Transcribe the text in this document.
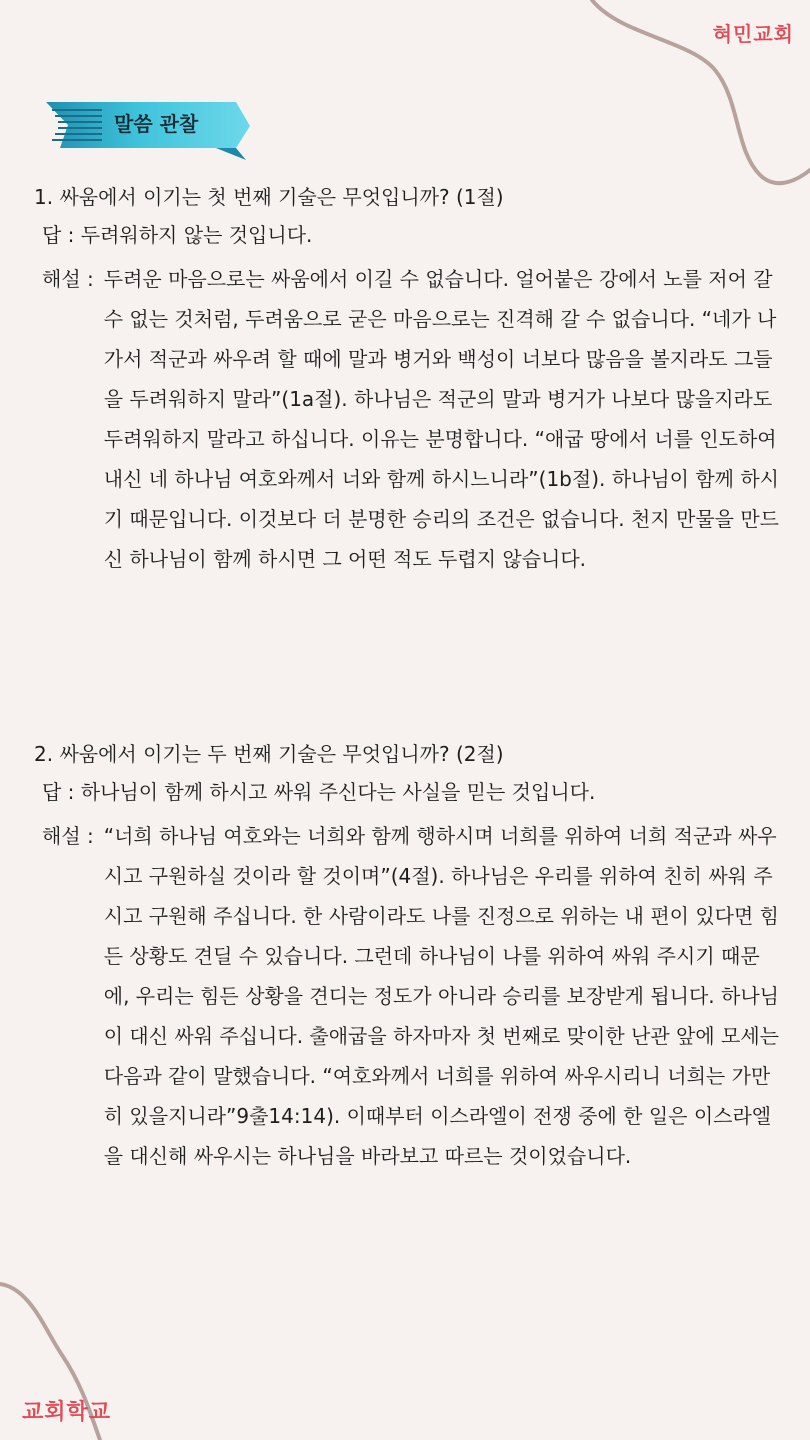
혀민교회
말씀 관찰
1. 싸움에서 이기는 첫 번째 기술은 무엇입니까? (1절)
답 : 두려워하지 않는 것입니다.
해설 : 두려운 마음으로는 싸움에서 이길 수 없습니다. 얼어붙은 강에서 노를 저어 갈 수 없는 것처럼, 두려움으로 굳은 마음으로는 진격해 갈 수 없습니다. “네가 나가서 적군과 싸우려 할 때에 말과 병거와 백성이 너보다 많음을 볼지라도 그들을 두려워하지 말라”(1a절). 하나님은 적군의 말과 병거가 나보다 많을지라도 두려워하지 말라고 하십니다. 이유는 분명합니다. “애굽 땅에서 너를 인도하여 내신 네 하나님 여호와께서 너와 함께 하시느니라”(1b절). 하나님이 함께 하시기 때문입니다. 이것보다 더 분명한 승리의 조건은 없습니다. 천지 만물을 만드신 하나님이 함께 하시면 그 어떤 적도 두렵지 않습니다.
2. 싸움에서 이기는 두 번째 기술은 무엇입니까? (2절)
답 : 하나님이 함께 하시고 싸워 주신다는 사실을 믿는 것입니다.
해설 : “너희 하나님 여호와는 너희와 함께 행하시며 너희를 위하여 너희 적군과 싸우시고 구원하실 것이라 할 것이며”(4절). 하나님은 우리를 위하여 친히 싸워 주시고 구원해 주십니다. 한 사람이라도 나를 진정으로 위하는 내 편이 있다면 힘든 상황도 견딜 수 있습니다. 그런데 하나님이 나를 위하여 싸워 주시기 때문에, 우리는 힘든 상황을 견디는 정도가 아니라 승리를 보장받게 됩니다. 하나님이 대신 싸워 주십니다. 출애굽을 하자마자 첫 번째로 맞이한 난관 앞에 모세는 다음과 같이 말했습니다. “여호와께서 너희를 위하여 싸우시리니 너희는 가만히 있을지니라”9출14:14). 이때부터 이스라엘이 전쟁 중에 한 일은 이스라엘을 대신해 싸우시는 하나님을 바라보고 따르는 것이었습니다.
교회학교
